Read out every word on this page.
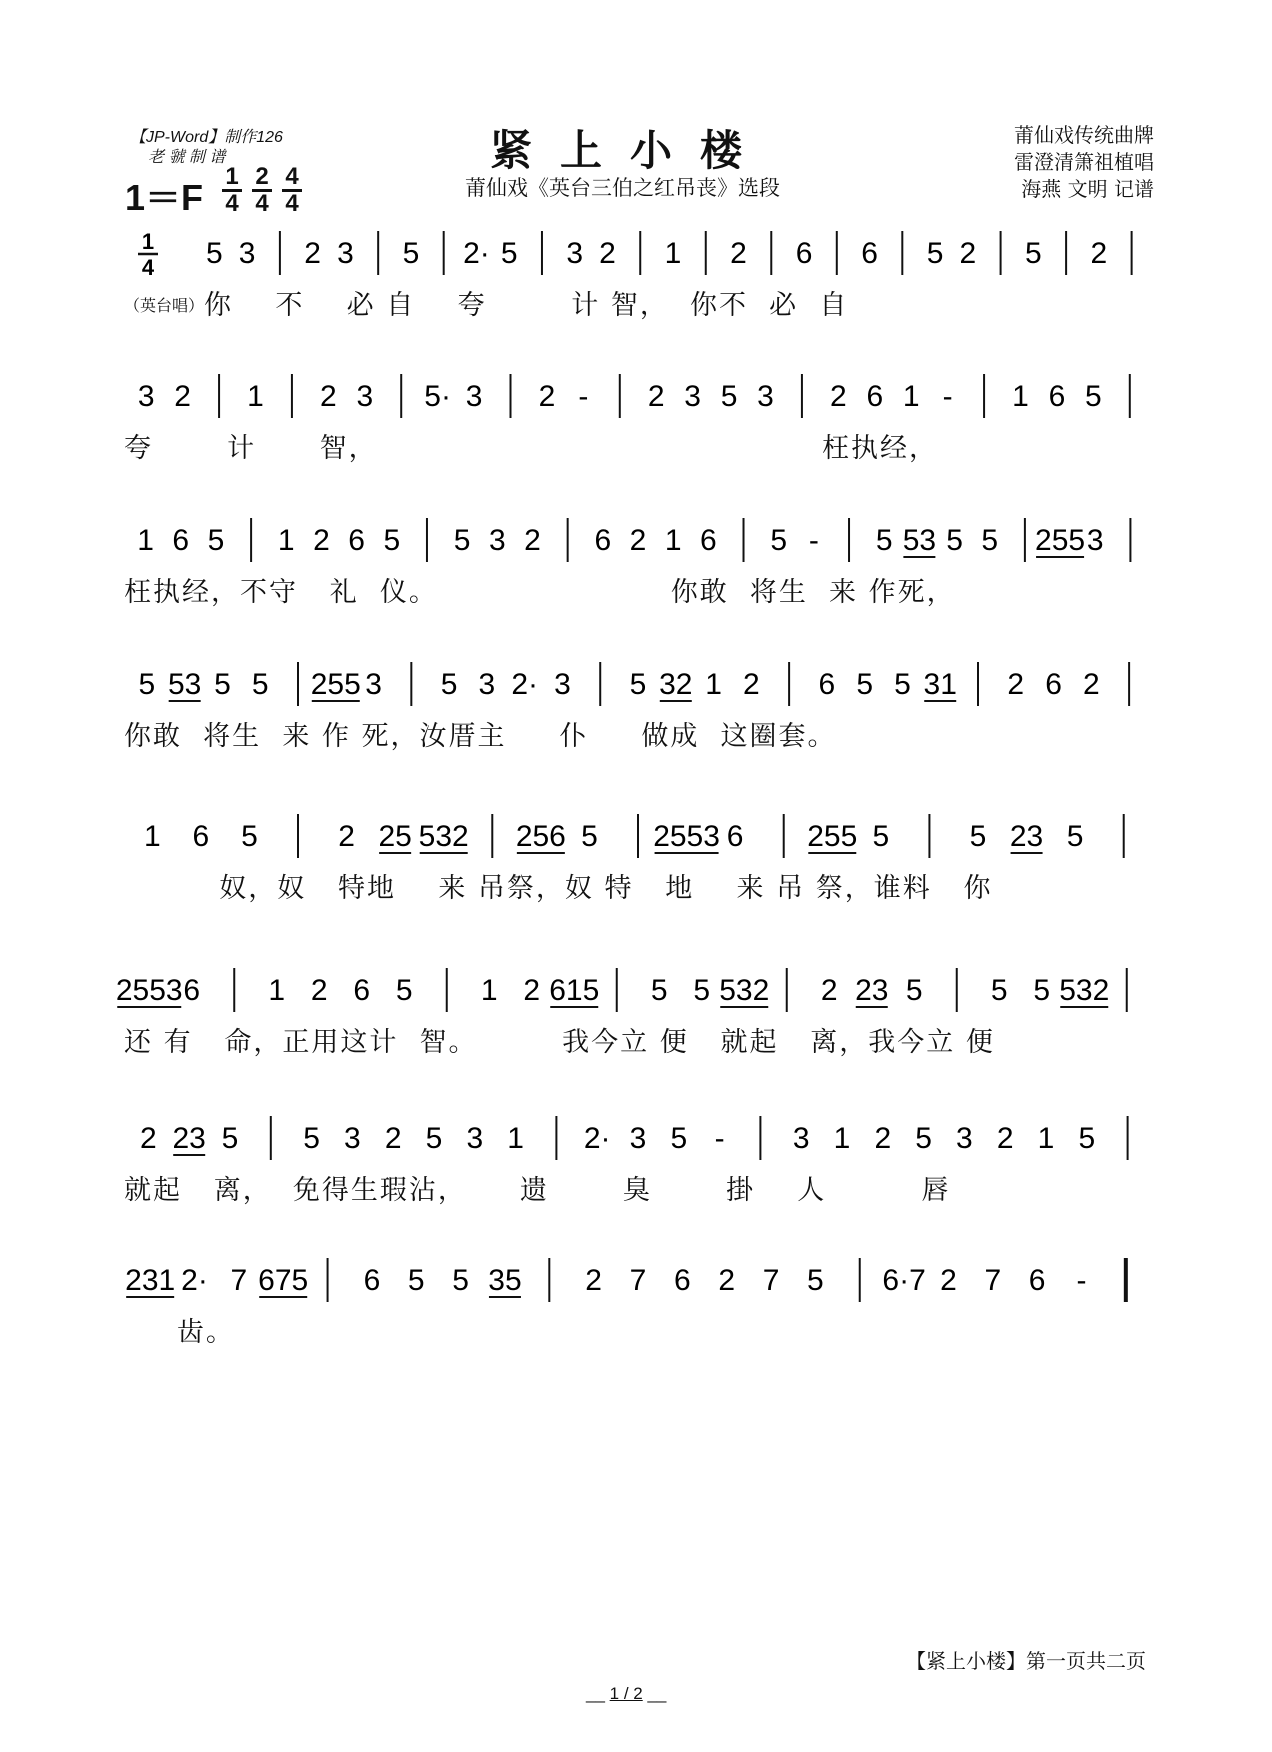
紧上小楼
莆仙戏《英台三伯之红吊丧》选段
【JP-Word】制作126
老 虢 制 谱
$1=F \frac{1}{4} \frac{2}{4} \frac{4}{4}$
莆仙戏传统曲牌
雷澄清箫祖植唱
海燕 文明 记谱
1
4 5 3 2 3 5 2· 5 3 2 1 2 6 6 5 2 5 2
（英台唱）你    不    必 自    夸        计 智，  你不  必  自
3 2 1 2 3 5· 3 2 - 2 3 5 3 2 6 1 - 1 6 5
夸       计      智，                                          枉执经，
1 6 5 1 2 6 5 5 3 2 6 2 1 6 5 - 5 53 5 5 255 3
枉执经，不守   礼  仪。                      你敢  将生  来 作死，
5 53 5 5 255 3 5 3 2· 3 5 32 1 2 6 5 5 31 2 6 2
你敢  将生  来 作 死，汝厝主     仆     做成  这圈套。
1 6 5	2 25 532 256 5 2553 6 255 5	5 23 5
奴，奴   特地    来 吊祭，奴 特   地    来 吊 祭，谁料   你
2553 6 1 2 6 5 1 2 615 5 5 532 2 23 5 5 5 532
还 有   命，正用这计  智。        我今立 便   就起   离，我今立 便
2 23 5 5 3 2 5 3 1 2· 3 5 - 3 1 2 5 3 2 1 5
就起   离，  免得生瑕沾，     遗       臭       掛    人         唇
231 2· 7 675 6 5 5 35 2 7 6 2 7 5 6·7 2 7 6 -
齿。
【紧上小楼】第一页共二页
__ 1 / 2 __
